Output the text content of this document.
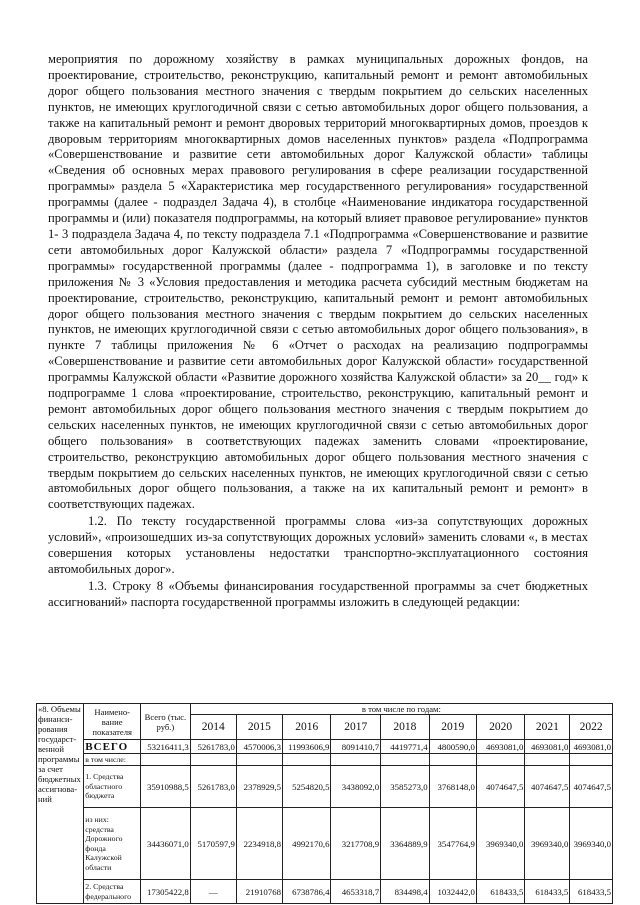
мероприятия по дорожному хозяйству в рамках муниципальных дорожных фондов, на проектирование, строительство, реконструкцию, капитальный ремонт и ремонт автомобильных дорог общего пользования местного значения с твердым покрытием до сельских населенных пунктов, не имеющих круглогодичной связи с сетью автомобильных дорог общего пользования, а также на капитальный ремонт и ремонт дворовых территорий многоквартирных домов, проездов к дворовым территориям многоквартирных домов населенных пунктов» раздела «Подпрограмма «Совершенствование и развитие сети автомобильных дорог Калужской области» таблицы «Сведения об основных мерах правового регулирования в сфере реализации государственной программы» раздела 5 «Характеристика мер государственного регулирования» государственной программы (далее - подраздел Задача 4), в столбце «Наименование индикатора государственной программы и (или) показателя подпрограммы, на который влияет правовое регулирование» пунктов 1- 3 подраздела Задача 4, по тексту подраздела 7.1 «Подпрограмма «Совершенствование и развитие сети автомобильных дорог Калужской области» раздела 7 «Подпрограммы государственной программы» государственной программы (далее - подпрограмма 1), в заголовке и по тексту приложения № 3 «Условия предоставления и методика расчета субсидий местным бюджетам на проектирование, строительство, реконструкцию, капитальный ремонт и ремонт автомобильных дорог общего пользования местного значения с твердым покрытием до сельских населенных пунктов, не имеющих круглогодичной связи с сетью автомобильных дорог общего пользования», в пункте 7 таблицы приложения № 6 «Отчет о расходах на реализацию подпрограммы «Совершенствование и развитие сети автомобильных дорог Калужской области» государственной программы Калужской области «Развитие дорожного хозяйства Калужской области» за 20__ год» к подпрограмме 1 слова «проектирование, строительство, реконструкцию, капитальный ремонт и ремонт автомобильных дорог общего пользования местного значения с твердым покрытием до сельских населенных пунктов, не имеющих круглогодичной связи с сетью автомобильных дорог общего пользования» в соответствующих падежах заменить словами «проектирование, строительство, реконструкцию автомобильных дорог общего пользования местного значения с твердым покрытием до сельских населенных пунктов, не имеющих круглогодичной связи с сетью автомобильных дорог общего пользования, а также на их капитальный ремонт и ремонт» в соответствующих падежах.

1.2. По тексту государственной программы слова «из-за сопутствующих дорожных условий», «произошедших из-за сопутствующих дорожных условий» заменить словами «, в местах совершения которых установлены недостатки транспортно-эксплуатационного состояния автомобильных дорог».

1.3. Строку 8 «Объемы финансирования государственной программы за счет бюджетных ассигнований» паспорта государственной программы изложить в следующей редакции:

«8. Объемы финанси-рования государст-венной программы за счет бюджетных ассигнова-ний	Наимено-вание показателя	Всего (тыс. руб.)	в том числе по годам:								
			2014	2015	2016	2017	2018	2019	2020	2021	2022
	ВСЕГО	53216411,3	5261783,0	4570006,3	11993606,9	8091410,7	4419771,4	4800590,0	4693081,0	4693081,0	4693081,0
	в том числе:										
	1. Средства областного бюджета	35910988,5	5261783,0	2378929,5	5254820,5	3438092,0	3585273,0	3768148,0	4074647,5	4074647,5	4074647,5
	из них: средства Дорожного фонда Калужской области	34436071,0	5170597,9	2234918,8	4992170,6	3217708,9	3364889,9	3547764,9	3969340,0	3969340,0	3969340,0
	2. Средства федерального	17305422,8	—	21910768	6738786,4	4653318,7	834498,4	1032442,0	618433,5	618433,5	618433,5
